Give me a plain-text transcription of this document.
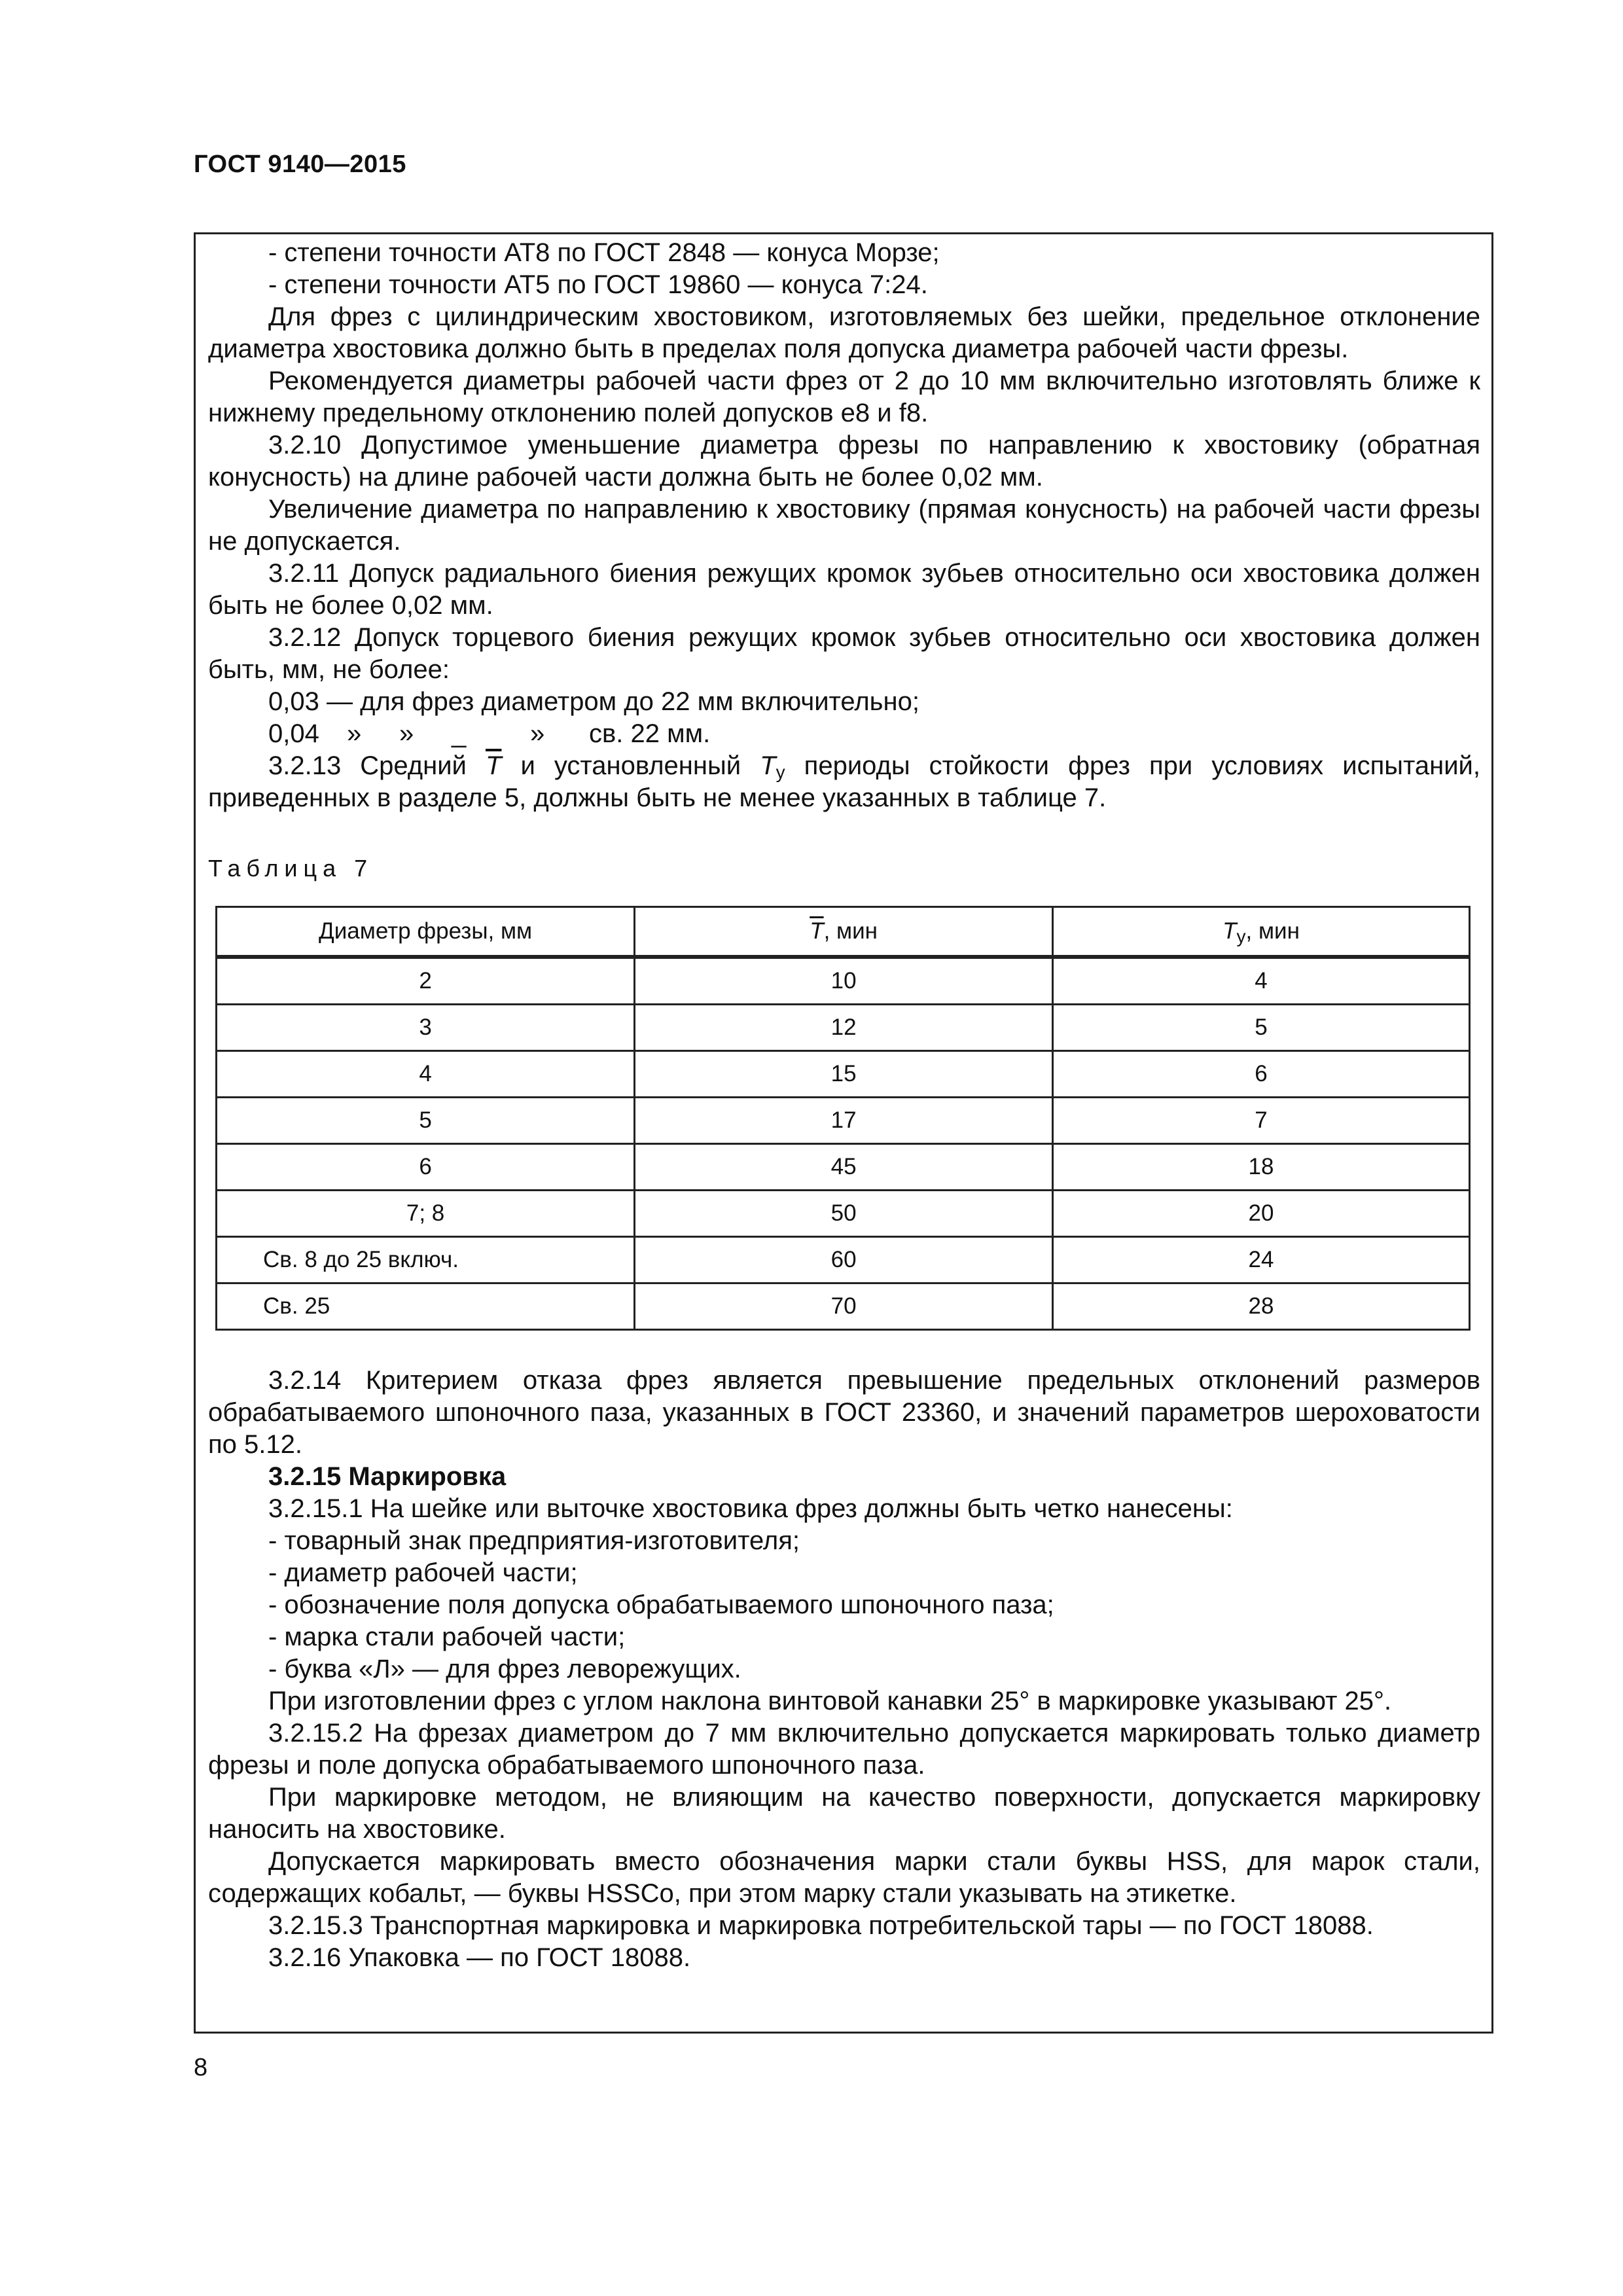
ГОСТ 9140—2015

- степени точности АТ8 по ГОСТ 2848 — конуса Морзе;

- степени точности АТ5 по ГОСТ 19860 — конуса 7:24.

Для фрез с цилиндрическим хвостовиком, изготовляемых без шейки, предельное отклонение диаметра хвостовика должно быть в пределах поля допуска диаметра рабочей части фрезы.

Рекомендуется диаметры рабочей части фрез от 2 до 10 мм включительно изготовлять ближе к нижнему предельному отклонению полей допусков e8 и f8.

3.2.10 Допустимое уменьшение диаметра фрезы по направлению к хвостовику (обратная конусность) на длине рабочей части должна быть не более 0,02 мм.

Увеличение диаметра по направлению к хвостовику (прямая конусность) на рабочей части фрезы не допускается.

3.2.11 Допуск радиального биения режущих кромок зубьев относительно оси хвостовика должен быть не более 0,02 мм.

3.2.12 Допуск торцевого биения режущих кромок зубьев относительно оси хвостовика должен быть, мм, не более:

0,03 — для фрез диаметром до 22 мм включительно;

0,04 » » _ » св. 22 мм.

3.2.13 Средний $\overline{T}$ и установленный $T_y$ периоды стойкости фрез при условиях испытаний, приведенных в разделе 5, должны быть не менее указанных в таблице 7.

Таблица 7
Диаметр фрезы, мм	$\overline{T}$, мин	$T_y$, мин
2	10	4
3	12	5
4	15	6
5	17	7
6	45	18
7; 8	50	20
Св. 8 до 25 включ.	60	24
Св. 25	70	28

3.2.14 Критерием отказа фрез является превышение предельных отклонений размеров обрабатываемого шпоночного паза, указанных в ГОСТ 23360, и значений параметров шероховатости по 5.12.

3.2.15 Маркировка

3.2.15.1 На шейке или выточке хвостовика фрез должны быть четко нанесены:

- товарный знак предприятия-изготовителя;

- диаметр рабочей части;

- обозначение поля допуска обрабатываемого шпоночного паза;

- марка стали рабочей части;

- буква «Л» — для фрез леворежущих.

При изготовлении фрез с углом наклона винтовой канавки 25° в маркировке указывают 25°.

3.2.15.2 На фрезах диаметром до 7 мм включительно допускается маркировать только диаметр фрезы и поле допуска обрабатываемого шпоночного паза.

При маркировке методом, не влияющим на качество поверхности, допускается маркировку наносить на хвостовике.

Допускается маркировать вместо обозначения марки стали буквы HSS, для марок стали, содержащих кобальт, — буквы HSSCo, при этом марку стали указывать на этикетке.

3.2.15.3 Транспортная маркировка и маркировка потребительской тары — по ГОСТ 18088.

3.2.16 Упаковка — по ГОСТ 18088.

8
